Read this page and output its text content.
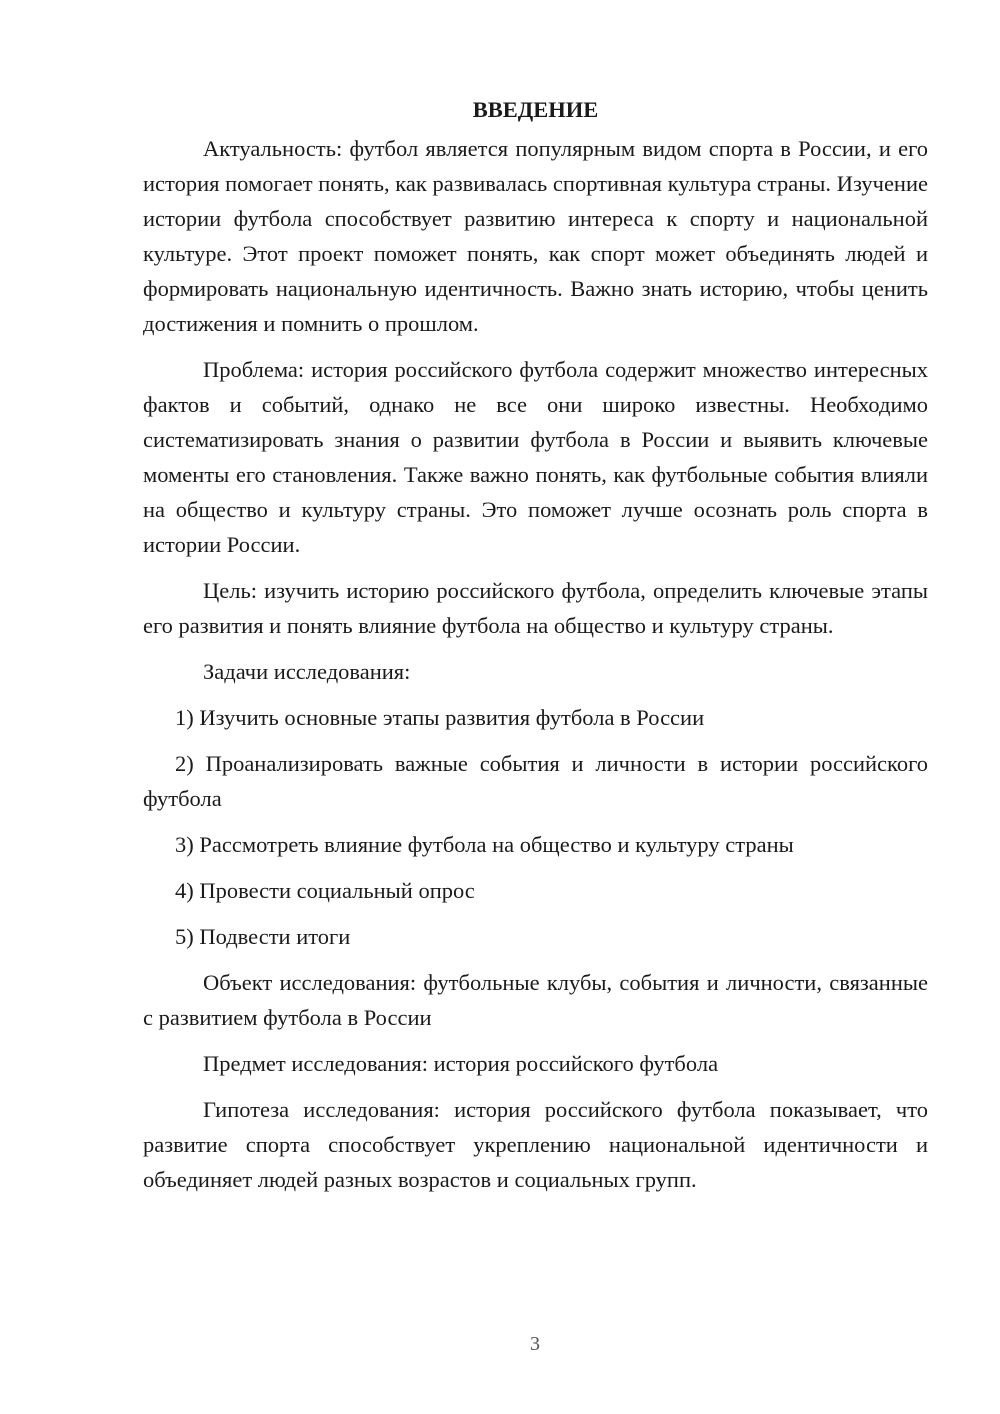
ВВЕДЕНИЕ

Актуальность: футбол является популярным видом спорта в России, и его история помогает понять, как развивалась спортивная культура страны. Изучение истории футбола способствует развитию интереса к спорту и национальной культуре. Этот проект поможет понять, как спорт может объединять людей и формировать национальную идентичность. Важно знать историю, чтобы ценить достижения и помнить о прошлом.

Проблема: история российского футбола содержит множество интересных фактов и событий, однако не все они широко известны. Необходимо систематизировать знания о развитии футбола в России и выявить ключевые моменты его становления. Также важно понять, как футбольные события влияли на общество и культуру страны. Это поможет лучше осознать роль спорта в истории России.

Цель: изучить историю российского футбола, определить ключевые этапы его развития и понять влияние футбола на общество и культуру страны.

Задачи исследования:

1) Изучить основные этапы развития футбола в России

2) Проанализировать важные события и личности в истории российского футбола

3) Рассмотреть влияние футбола на общество и культуру страны

4) Провести социальный опрос

5) Подвести итоги

Объект исследования: футбольные клубы, события и личности, связанные с развитием футбола в России

Предмет исследования: история российского футбола

Гипотеза исследования: история российского футбола показывает, что развитие спорта способствует укреплению национальной идентичности и объединяет людей разных возрастов и социальных групп.

3
